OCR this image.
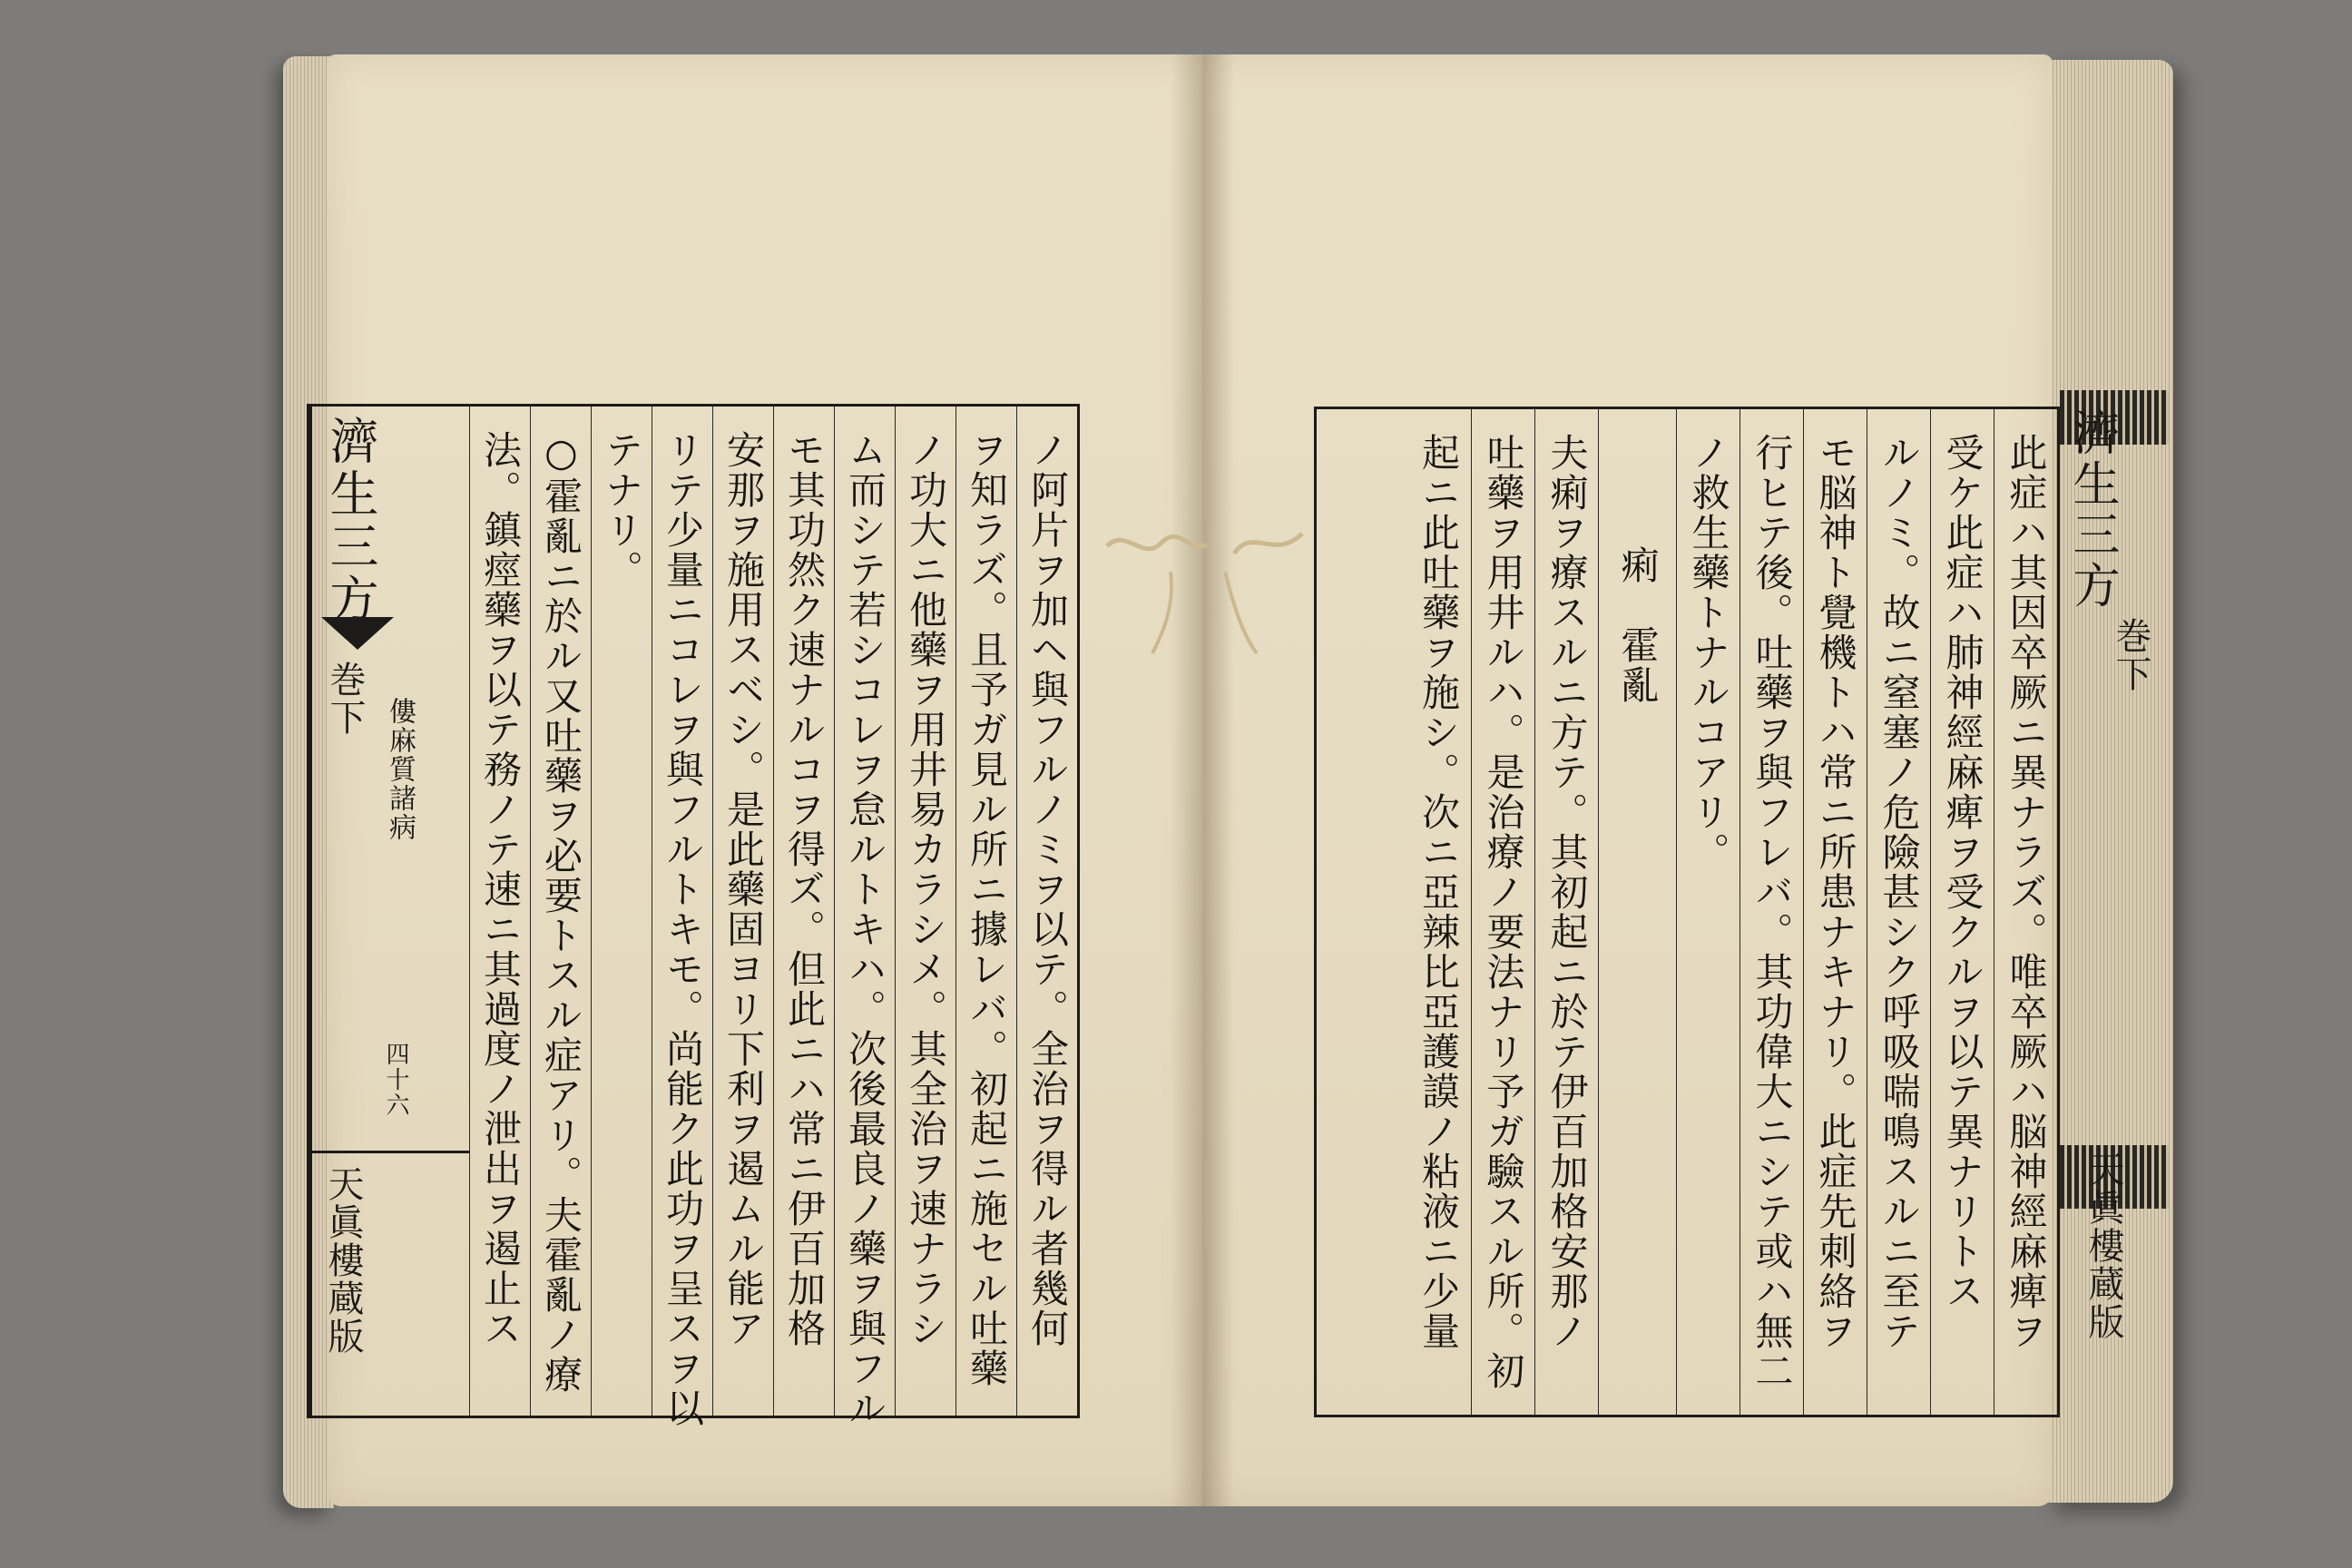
ノ阿片ヲ加ヘ與フルノミヲ以テ。全治ヲ得ル者幾何
ヲ知ラズ。且予ガ見ル所ニ據レバ。初起ニ施セル吐藥
ノ功大ニ他藥ヲ用井易カラシメ。其全治ヲ速ナラシ
ム而シテ若シコレヲ怠ルトキハ。次後最良ノ藥ヲ與フル
モ其功然ク速ナルコヲ得ズ。但此ニハ常ニ伊百加格
安那ヲ施用スベシ。是此藥固ヨリ下利ヲ遏ムル能ア
リテ少量ニコレヲ與フルトキモ。尚能ク此功ヲ呈スヲ以
テナリ。
○霍亂ニ於ル又吐藥ヲ必要トスル症アリ。夫霍亂ノ療
法。鎮痙藥ヲ以テ務ノテ速ニ其過度ノ泄出ヲ遏止ス
濟生三方
巻下 僂麻質諸病
四十六
天眞樓蔵版	此症ハ其因卒厥ニ異ナラズ。唯卒厥ハ脳神經麻痺ヲ
受ケ此症ハ肺神經麻痺ヲ受クルヲ以テ異ナリトス
ルノミ。故ニ窒塞ノ危險甚シク呼吸喘鳴スルニ至テ
モ脳神ト覺機トハ常ニ所患ナキナリ。此症先刺絡ヲ
行ヒテ後。吐藥ヲ與フレバ。其功偉大ニシテ或ハ無二
ノ救生藥トナルコアリ。
痢　霍亂
夫痢ヲ療スルニ方テ。其初起ニ於テ伊百加格安那ノ
吐藥ヲ用井ルハ。是治療ノ要法ナリ予ガ驗スル所。初
起ニ此吐藥ヲ施シ。次ニ亞辣比亞護謨ノ粘液ニ少量	濟生三方
巻下
天眞樓蔵版
